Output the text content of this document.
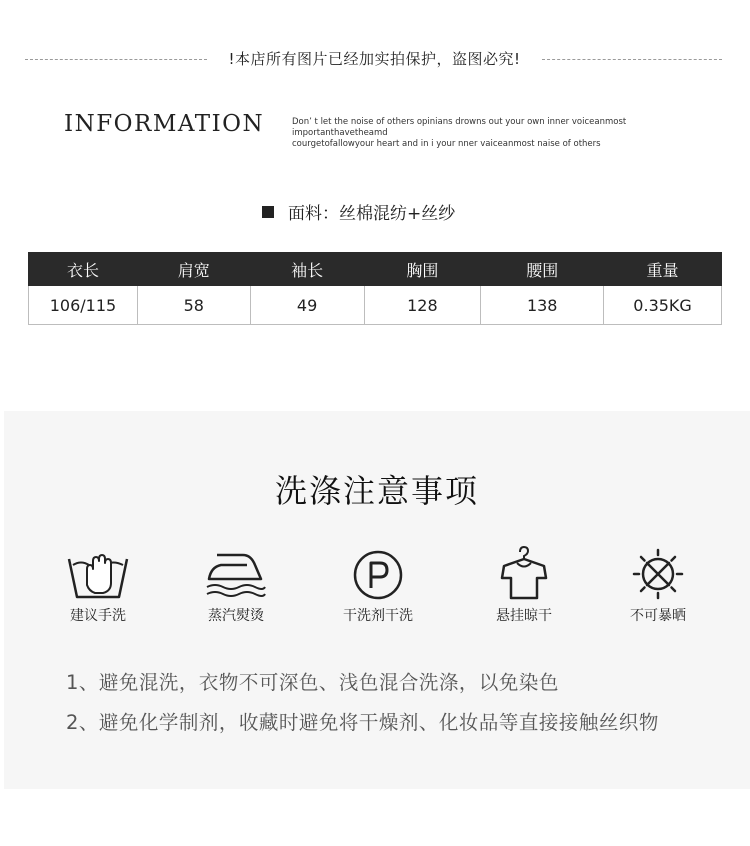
!本店所有图片已经加实拍保护，盗图必究!
INFORMATION	Don’ t let the noise of others opinians drowns out your own inner voiceanmost importanthavetheamd
courgetofallowyour heart and in i your nner vaiceanmost naise of others
面料：丝棉混纺+丝纱
衣长	肩宽	袖长	胸围	腰围	重量
106/115	58	49	128	138	0.35KG
洗涤注意事项
建议手洗	蒸汽熨烫	干洗剂干洗	悬挂晾干	不可暴晒
1、避免混洗，衣物不可深色、浅色混合洗涤，以免染色
2、避免化学制剂，收藏时避免将干燥剂、化妆品等直接接触丝织物
